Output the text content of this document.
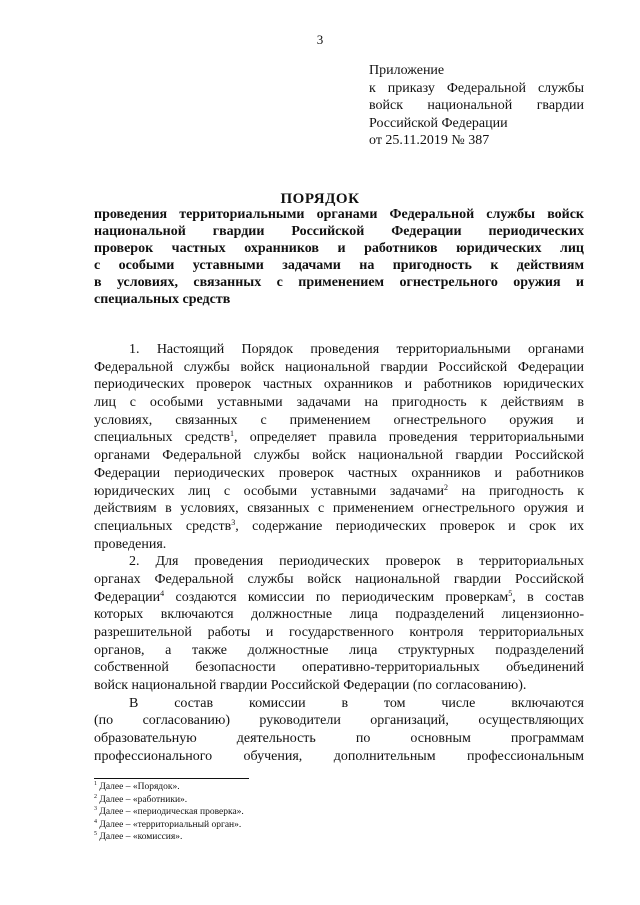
3
Приложение
к приказу Федеральной службы
войск национальной гвардии
Российской Федерации
от 25.11.2019 № 387
ПОРЯДОК
проведения территориальными органами Федеральной службы войск
национальной гвардии Российской Федерации периодических
проверок частных охранников и работников юридических лиц
с особыми уставными задачами на пригодность к действиям
в условиях, связанных с применением огнестрельного оружия и
специальных средств
1. Настоящий Порядок проведения территориальными органами
Федеральной службы войск национальной гвардии Российской Федерации
периодических проверок частных охранников и работников юридических
лиц с особыми уставными задачами на пригодность к действиям в
условиях, связанных с применением огнестрельного оружия и
специальных средств$^1$, определяет правила проведения территориальными
органами Федеральной службы войск национальной гвардии Российской
Федерации периодических проверок частных охранников и работников
юридических лиц с особыми уставными задачами$^2$ на пригодность к
действиям в условиях, связанных с применением огнестрельного оружия и
специальных средств$^3$, содержание периодических проверок и срок их
проведения.
2. Для проведения периодических проверок в территориальных
органах Федеральной службы войск национальной гвардии Российской
Федерации$^4$ создаются комиссии по периодическим проверкам$^5$, в состав
которых включаются должностные лица подразделений лицензионно-
разрешительной работы и государственного контроля территориальных
органов, а также должностные лица структурных подразделений
собственной безопасности оперативно-территориальных объединений
войск национальной гвардии Российской Федерации (по согласованию).
В состав комиссии в том числе включаются
(по согласованию) руководители организаций, осуществляющих
образовательную деятельность по основным программам
профессионального обучения, дополнительным профессиональным
$^1$ Далее – «Порядок».
$^2$ Далее – «работники».
$^3$ Далее – «периодическая проверка».
$^4$ Далее – «территориальный орган».
$^5$ Далее – «комиссия».
